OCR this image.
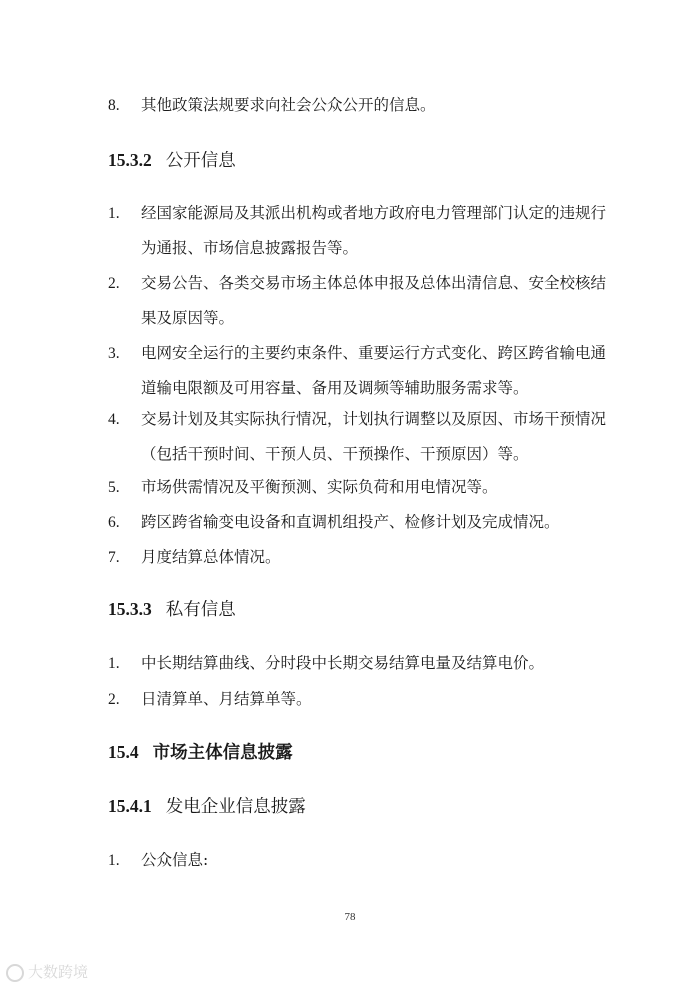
8.	其他政策法规要求向社会公众公开的信息。
15.3.2 公开信息
1.	经国家能源局及其派出机构或者地方政府电力管理部门认定的违规行为通报、市场信息披露报告等。
2.	交易公告、各类交易市场主体总体申报及总体出清信息、安全校核结果及原因等。
3.	电网安全运行的主要约束条件、重要运行方式变化、跨区跨省输电通道输电限额及可用容量、备用及调频等辅助服务需求等。
4.	交易计划及其实际执行情况，计划执行调整以及原因、市场干预情况（包括干预时间、干预人员、干预操作、干预原因）等。
5.	市场供需情况及平衡预测、实际负荷和用电情况等。
6.	跨区跨省输变电设备和直调机组投产、检修计划及完成情况。
7.	月度结算总体情况。
15.3.3 私有信息
1.	中长期结算曲线、分时段中长期交易结算电量及结算电价。
2.	日清算单、月结算单等。
15.4 市场主体信息披露
15.4.1 发电企业信息披露
1.	公众信息:
78
大数跨境
